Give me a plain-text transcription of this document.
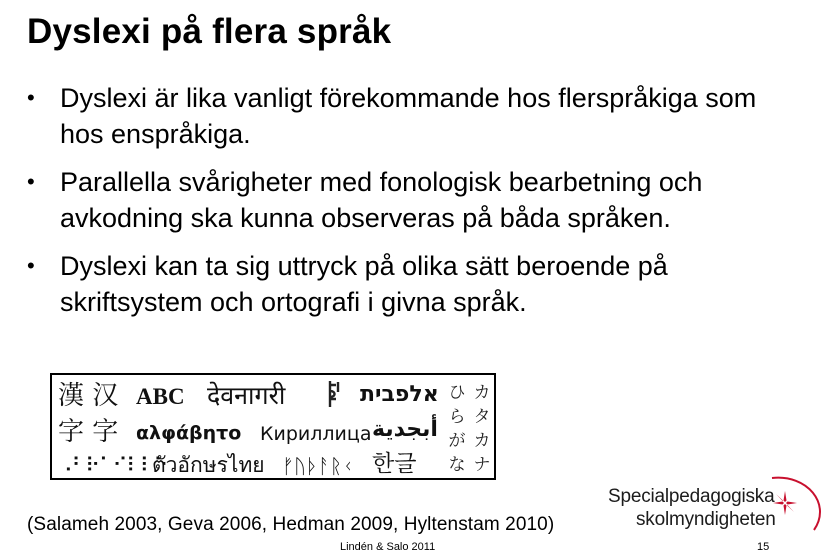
Dyslexi på flera språk
• Dyslexi är lika vanligt förekommande hos flerspråkiga som hos enspråkiga.
• Parallella svårigheter med fonologisk bearbetning och avkodning ska kunna observeras på båda språken.
• Dyslexi kan ta sig uttryck på olika sätt beroende på skriftsystem och ortografi i givna språk.
漢 汉 ABC देवनागरी	אלפבית
字 字 αλφάβητο Кириллица أبجدية
⠠⠃⠗⠁⠊⠇⠇⠑
ตัวอักษรไทย ᚠᚢᚦᚨᚱᚲ 한글
ひ
ら
が
な
カ
タ
カ
ナ
(Salameh 2003, Geva 2006, Hedman 2009, Hyltenstam 2010)
Lindén & Salo 2011	15
Specialpedagogiska
skolmyndigheten
